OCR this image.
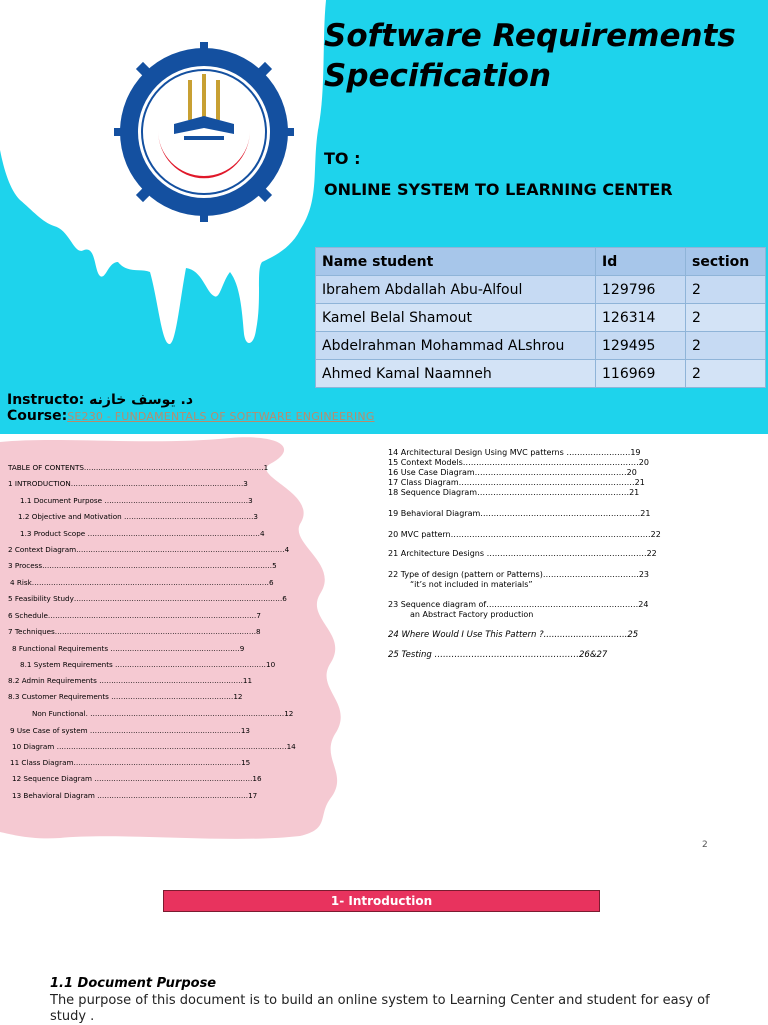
Software Requirements
Specification
TO :
ONLINE SYSTEM TO LEARNING CENTER
Name student	Id	section
Ibrahem Abdallah Abu-Alfoul	129796	2
Kamel Belal Shamout	126314	2
Abdelrahman Mohammad ALshrou	129495	2
Ahmed Kamal Naamneh	116969	2
Instructo: د. يوسف خازنه
Course:SE230 - FUNDAMENTALS OF SOFTWARE ENGINEERING
TABLE OF CONTENTS…………………………………………………………………1
1 INTRODUCTION………………………………………………………………3
1.1 Document Purpose ……………………………………………………3
1.2 Objective and Motivation ………………………………………………3
1.3 Product Scope ………………………………………………………………4
2 Context Diagram……………………………………………………………………………4
3 Process……………………………………………………………………………………5
4 Risk………………………………………………………………………………………6
5 Feasibility Study……………………………………………………………………………6
6 Schedule……………………………………………………………………………7
7 Techniques…………………………………………………………………………8
8 Functional Requirements ………………………………………………9
8.1 System Requirements ………………………………………………………10
8.2 Admin Requirements ……………………………………………………11
8.3 Customer Requirements ……………………………………………12
Non Functional. ………………………………………………………………………12
9 Use Case of system ………………………………………………………13
10 Diagram ……………………………………………………………………………………14
11 Class Diagram………………….…………………………………………15
12 Sequence Diagram …………………………………………………………16
13 Behavioral Diagram ………………………………………………………17
14 Architectural Design Using MVC patterns ……………………19
15 Context Models…………………………………………………………20
16 Use Case Diagram…………………………………………………20
17 Class Diagram…………………………………………………………21
18 Sequence Diagram…………………………………………………21
19 Behavioral Diagram……………………………………………………21
20 MVC pattern…………………………………………………………………22
21 Architecture Designs ……………………………………………………22
22 Type of design (pattern or Patterns)………………………………23
“it’s not included in materials”
23 Sequence diagram of…………………………………………………24
an Abstract Factory production
24 Where Would I Use This Pattern ?...............................25
25 Testing ……………………………………………26&27
2
1- Introduction
1.1 Document Purpose
The purpose of this document is to build an online system to Learning Center and student for easy of study .
